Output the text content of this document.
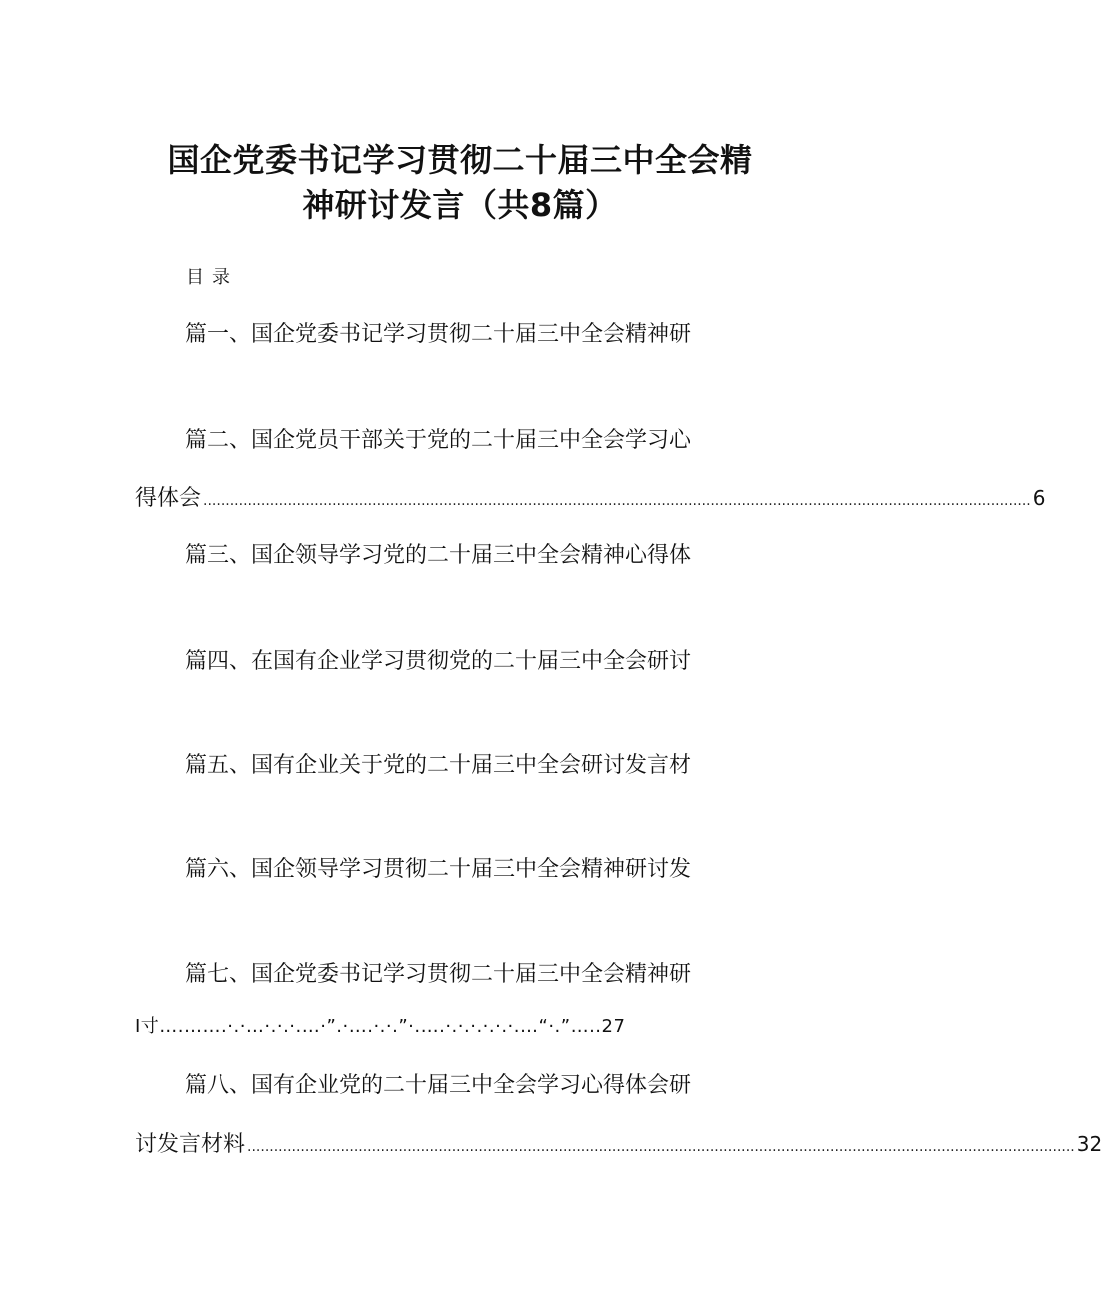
国企党委书记学习贯彻二十届三中全会精
神研讨发言（共8篇）
目录
篇一、国企党委书记学习贯彻二十届三中全会精神研
篇二、国企党员干部关于党的二十届三中全会学习心
得体会 .......................................................................................................................................................................................... 6
篇三、国企领导学习党的二十届三中全会精神心得体
篇四、在国有企业学习贯彻党的二十届三中全会研讨
篇五、国有企业关于党的二十届三中全会研讨发言材
篇六、国企领导学习贯彻二十届三中全会精神研讨发
篇七、国企党委书记学习贯彻二十届三中全会精神研
I寸….…….·.·…·.·.·.…·”.·….·.·.”·.….·.·.·.·.·.·.…“·.”…..27
篇八、国有企业党的二十届三中全会学习心得体会研
讨发言材料 .......................................................................................................................................................................................... 32
